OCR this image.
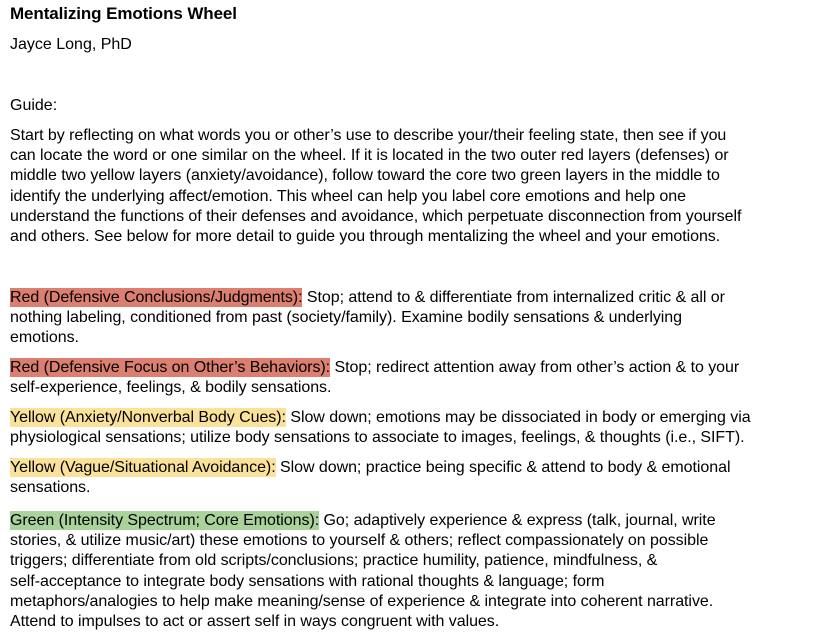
Mentalizing Emotions Wheel
Jayce Long, PhD
Guide:
Start by reflecting on what words you or other’s use to describe your/their feeling state, then see if you
can locate the word or one similar on the wheel. If it is located in the two outer red layers (defenses) or
middle two yellow layers (anxiety/avoidance), follow toward the core two green layers in the middle to
identify the underlying affect/emotion. This wheel can help you label core emotions and help one
understand the functions of their defenses and avoidance, which perpetuate disconnection from yourself
and others. See below for more detail to guide you through mentalizing the wheel and your emotions.
Red (Defensive Conclusions/Judgments): Stop; attend to & differentiate from internalized critic & all or
nothing labeling, conditioned from past (society/family). Examine bodily sensations & underlying
emotions.
Red (Defensive Focus on Other’s Behaviors): Stop; redirect attention away from other’s action & to your
self-experience, feelings, & bodily sensations.
Yellow (Anxiety/Nonverbal Body Cues): Slow down; emotions may be dissociated in body or emerging via
physiological sensations; utilize body sensations to associate to images, feelings, & thoughts (i.e., SIFT).
Yellow (Vague/Situational Avoidance): Slow down; practice being specific & attend to body & emotional
sensations.
Green (Intensity Spectrum; Core Emotions): Go; adaptively experience & express (talk, journal, write
stories, & utilize music/art) these emotions to yourself & others; reflect compassionately on possible
triggers; differentiate from old scripts/conclusions; practice humility, patience, mindfulness, &
self-acceptance to integrate body sensations with rational thoughts & language; form
metaphors/analogies to help make meaning/sense of experience & integrate into coherent narrative.
Attend to impulses to act or assert self in ways congruent with values.
